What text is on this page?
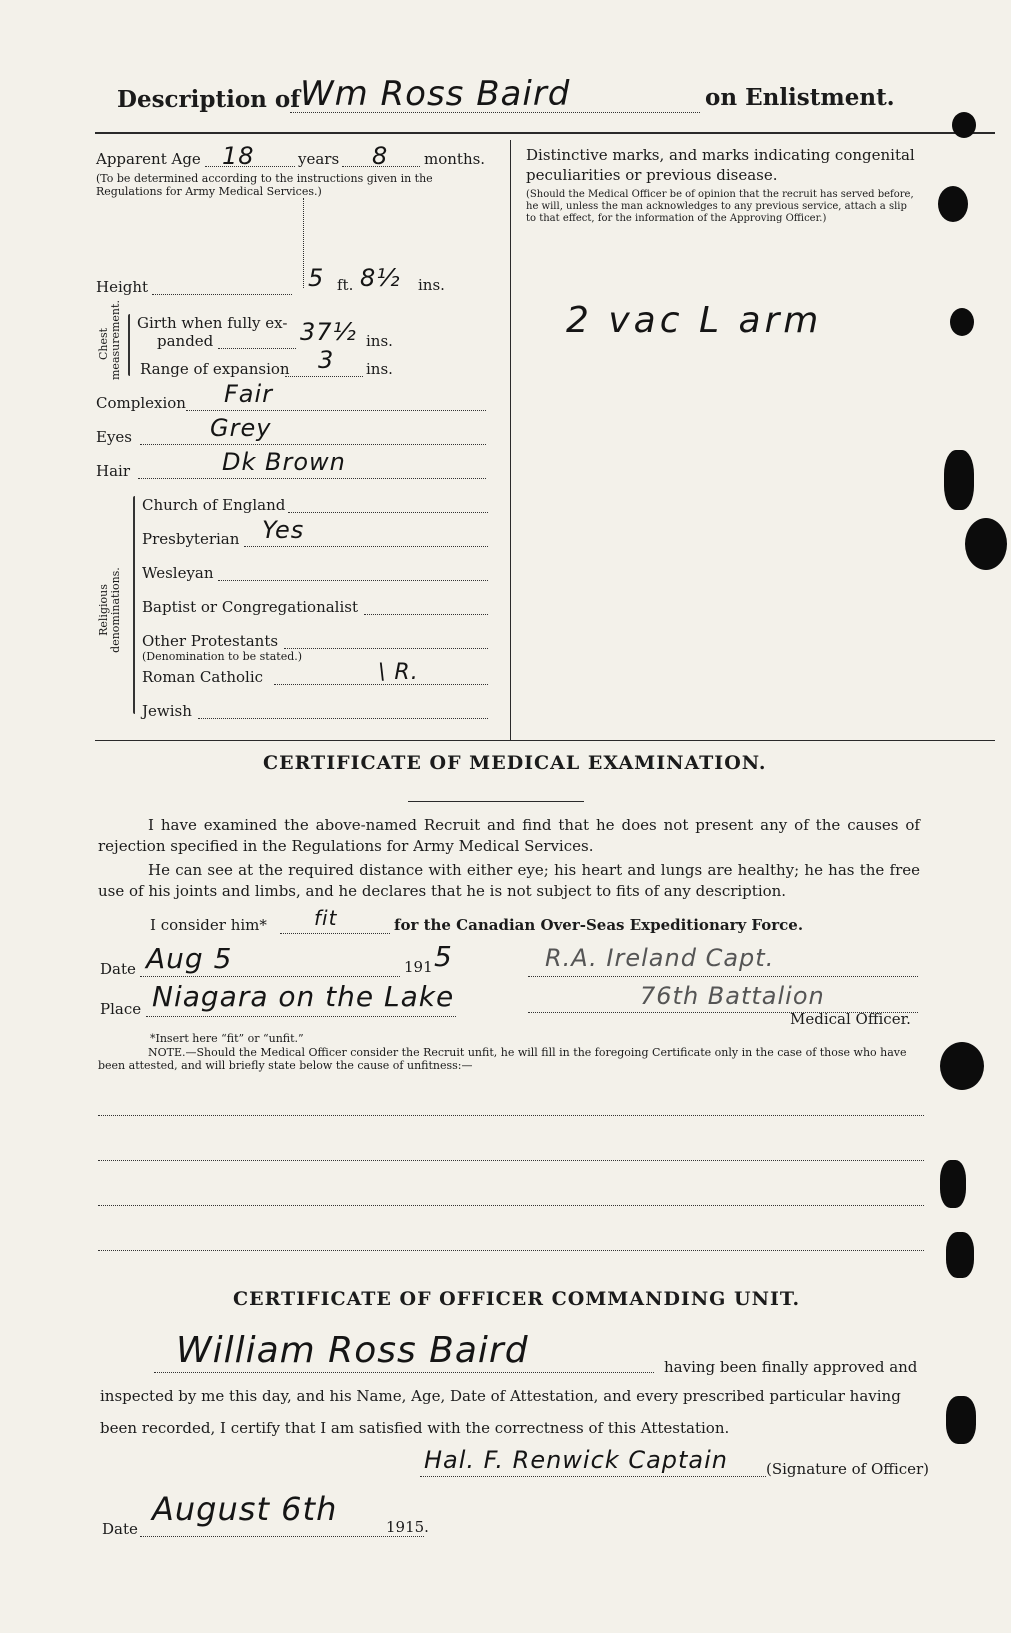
Description of Wm Ross Baird	on Enlistment.
Apparent Age 18	years 8 months.
(To be determined according to the instructions given in the Regulations for Army Medical Services.)
Height	5 ft. 8½ ins.
Chest measurement. Girth when fully ex-
panded	37½ ins.
Range of expansion 3 ins.
Complexion Fair
Eyes	Grey
Hair	Dk Brown
Religious denominations.
Church of England
Presbyterian Yes
Wesleyan
Baptist or Congregationalist
Other Protestants
(Denomination to be stated.)
Roman Catholic	\ R.
Jewish
Distinctive marks, and marks indicating congenital
peculiarities or previous disease.
(Should the Medical Officer be of opinion that the recruit has served before, he will, unless the man acknowledges to any previous service, attach a slip to that effect, for the information of the Approving Officer.)
2 vac L arm
CERTIFICATE OF MEDICAL EXAMINATION.
I have examined the above-named Recruit and find that he does not present any of the causes of rejection specified in the Regulations for Army Medical Services.
He can see at the required distance with either eye; his heart and lungs are healthy; he has the free use of his joints and limbs, and he declares that he is not subject to fits of any description.
I consider him* fit	for the Canadian Over-Seas Expeditionary Force.
Date Aug 5	191 5	R.A. Ireland Capt.
Place Niagara on the Lake	76th Battalion
Medical Officer.
*Insert here “fit” or “unfit.”
NOTE.—Should the Medical Officer consider the Recruit unfit, he will fill in the foregoing Certificate only in the case of those who have been attested, and will briefly state below the cause of unfitness:—
CERTIFICATE OF OFFICER COMMANDING UNIT.
William Ross Baird	having been finally approved and
inspected by me this day, and his Name, Age, Date of Attestation, and every prescribed particular having
been recorded, I certify that I am satisfied with the correctness of this Attestation.
Hal. F. Renwick Captain	(Signature of Officer)
Date
August 6th	1915.
